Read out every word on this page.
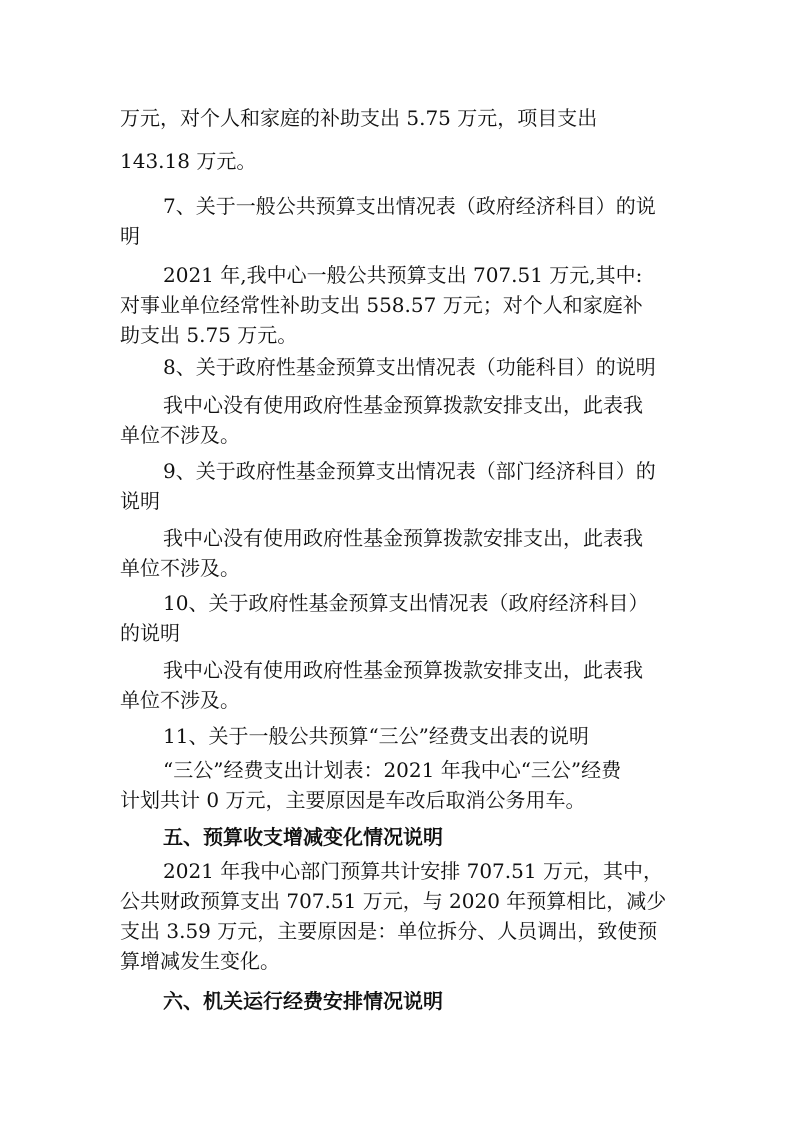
万元，对个人和家庭的补助支出 5.75 万元，项目支出
143.18 万元。
7、关于一般公共预算支出情况表（政府经济科目）的说
明
2021 年,我中心一般公共预算支出 707.51 万元,其中:
对事业单位经常性补助支出 558.57 万元；对个人和家庭补
助支出 5.75 万元。
8、关于政府性基金预算支出情况表（功能科目）的说明
我中心没有使用政府性基金预算拨款安排支出，此表我
单位不涉及。
9、关于政府性基金预算支出情况表（部门经济科目）的
说明
我中心没有使用政府性基金预算拨款安排支出，此表我
单位不涉及。
10、关于政府性基金预算支出情况表（政府经济科目）
的说明
我中心没有使用政府性基金预算拨款安排支出，此表我
单位不涉及。
11、关于一般公共预算“三公”经费支出表的说明
“三公”经费支出计划表：2021 年我中心“三公”经费
计划共计 0 万元，主要原因是车改后取消公务用车。
五、预算收支增减变化情况说明
2021 年我中心部门预算共计安排 707.51 万元，其中，
公共财政预算支出 707.51 万元，与 2020 年预算相比，减少
支出 3.59 万元，主要原因是：单位拆分、人员调出，致使预
算增减发生变化。
六、机关运行经费安排情况说明
